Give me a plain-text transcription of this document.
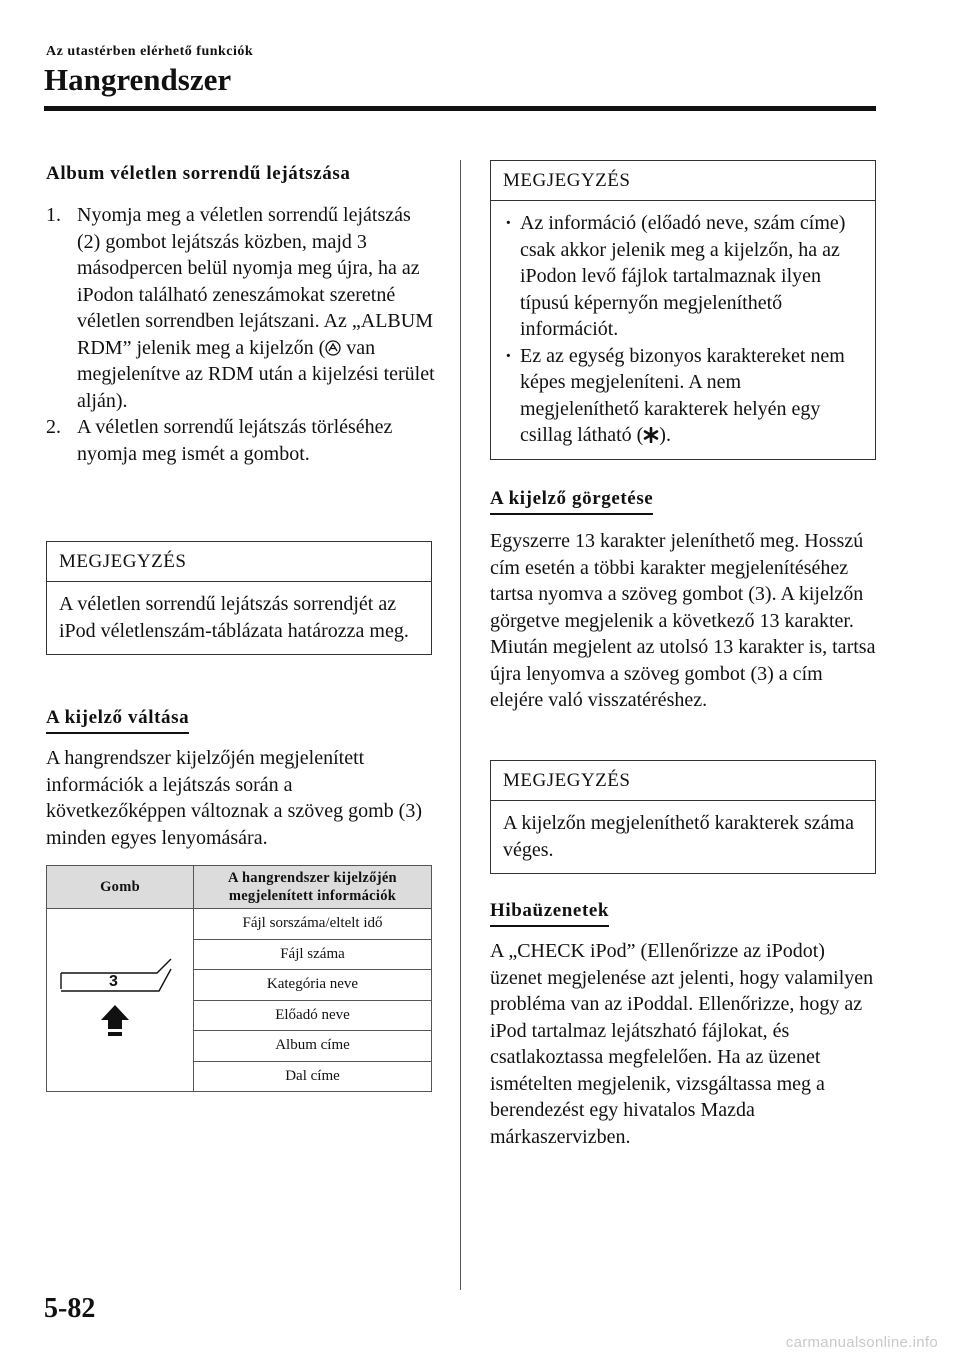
Az utastérben elérhető funkciók
Hangrendszer
Album véletlen sorrendű lejátszása
1. Nyomja meg a véletlen sorrendű lejátszás (2) gombot lejátszás közben, majd 3 másodpercen belül nyomja meg újra, ha az iPodon található zeneszámokat szeretné véletlen sorrendben lejátszani. Az „ALBUM RDM” jelenik meg a kijelzőn ( van megjelenítve az RDM után a kijelzési terület alján).
2. A véletlen sorrendű lejátszás törléséhez nyomja meg ismét a gombot.
MEGJEGYZÉS
A véletlen sorrendű lejátszás sorrendjét az iPod véletlenszám-táblázata határozza meg.
A kijelző váltása
A hangrendszer kijelzőjén megjelenített információk a lejátszás során a következőképpen változnak a szöveg gomb (3) minden egyes lenyomására.
Gomb	A hangrendszer kijelzőjén
megjelenített információk

3	Fájl sorszáma/eltelt idő
	Fájl száma
	Kategória neve
	Előadó neve
	Album címe
	Dal címe
MEGJEGYZÉS
· Az információ (előadó neve, szám címe) csak akkor jelenik meg a kijelzőn, ha az iPodon levő fájlok tartalmaznak ilyen típusú képernyőn megjeleníthető információt.
· Ez az egység bizonyos karaktereket nem képes megjeleníteni. A nem megjeleníthető karakterek helyén egy csillag látható ( ).
A kijelző görgetése
Egyszerre 13 karakter jeleníthető meg. Hosszú cím esetén a többi karakter megjelenítéséhez tartsa nyomva a szöveg gombot (3). A kijelzőn görgetve megjelenik a következő 13 karakter. Miután megjelent az utolsó 13 karakter is, tartsa újra lenyomva a szöveg gombot (3) a cím elejére való visszatéréshez.
MEGJEGYZÉS
A kijelzőn megjeleníthető karakterek száma véges.
Hibaüzenetek
A „CHECK iPod” (Ellenőrizze az iPodot) üzenet megjelenése azt jelenti, hogy valamilyen probléma van az iPoddal. Ellenőrizze, hogy az iPod tartalmaz lejátszható fájlokat, és csatlakoztassa megfelelően. Ha az üzenet ismételten megjelenik, vizsgáltassa meg a berendezést egy hivatalos Mazda márkaszervizben.
5-82
carmanualsonline.info
